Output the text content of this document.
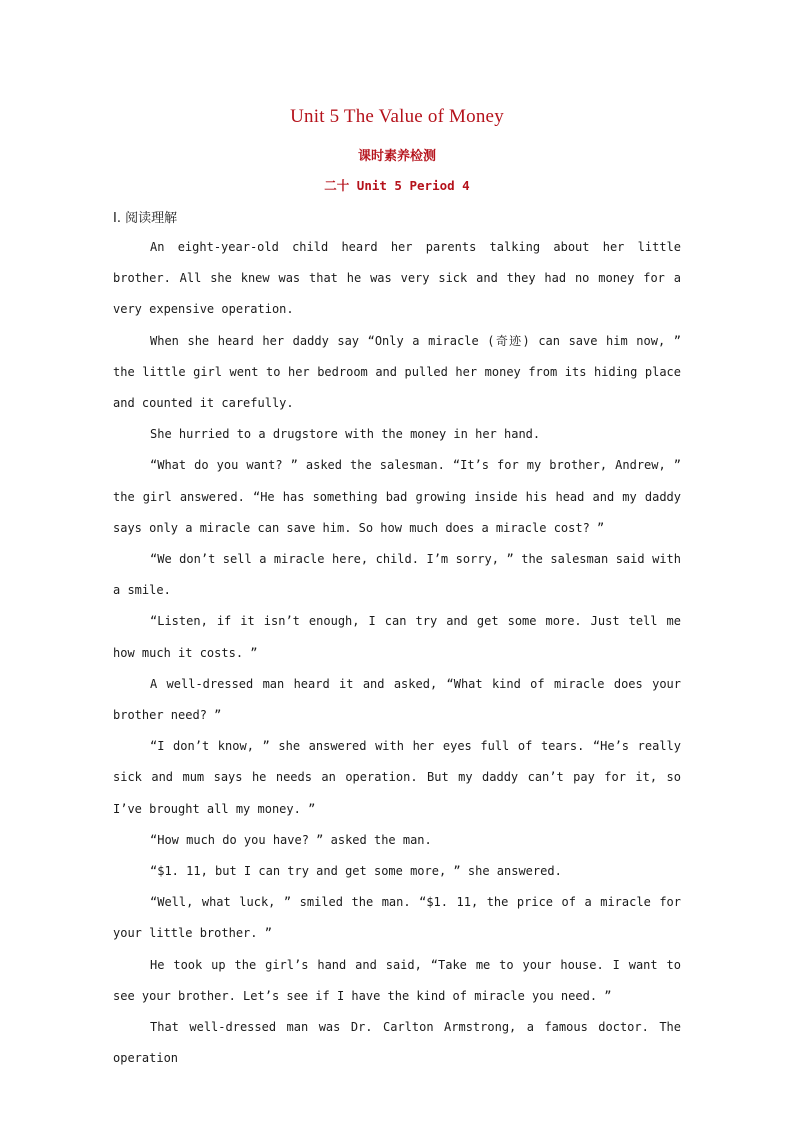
Unit 5 The Value of Money
课时素养检测
二十 Unit 5 Period 4
Ⅰ. 阅读理解

An eight-year-old child heard her parents talking about her little brother. All she knew was that he was very sick and they had no money for a very expensive operation.

When she heard her daddy say “Only a miracle (奇迹) can save him now, ” the little girl went to her bedroom and pulled her money from its hiding place and counted it carefully.

She hurried to a drugstore with the money in her hand.

“What do you want? ” asked the salesman. “It’s for my brother, Andrew, ” the girl answered. “He has something bad growing inside his head and my daddy says only a miracle can save him. So how much does a miracle cost? ”

“We don’t sell a miracle here, child. I’m sorry, ” the salesman said with a smile.

“Listen, if it isn’t enough, I can try and get some more. Just tell me how much it costs. ”

A well-dressed man heard it and asked, “What kind of miracle does your brother need? ”

“I don’t know, ” she answered with her eyes full of tears. “He’s really sick and mum says he needs an operation. But my daddy can’t pay for it, so I’ve brought all my money. ”

“How much do you have? ” asked the man.

“$1. 11, but I can try and get some more, ” she answered.

“Well, what luck, ” smiled the man. “$1. 11, the price of a miracle for your little brother. ”

He took up the girl’s hand and said, “Take me to your house. I want to see your brother. Let’s see if I have the kind of miracle you need. ”

That well-dressed man was Dr. Carlton Armstrong, a famous doctor. The operation
